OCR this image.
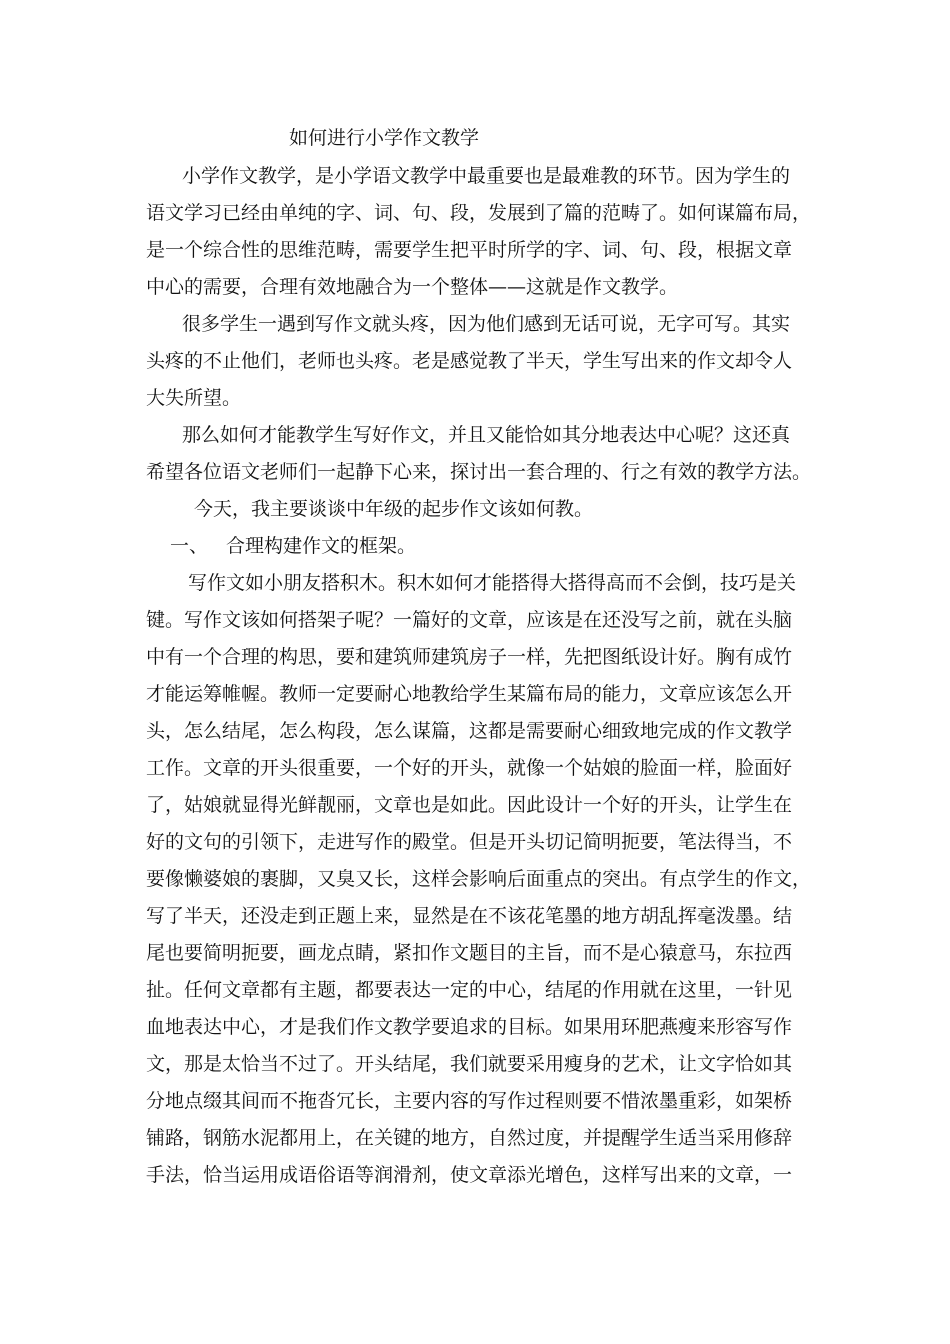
如何进行小学作文教学
小学作文教学，是小学语文教学中最重要也是最难教的环节。因为学生的
语文学习已经由单纯的字、词、句、段，发展到了篇的范畴了。如何谋篇布局，
是一个综合性的思维范畴，需要学生把平时所学的字、词、句、段，根据文章
中心的需要，合理有效地融合为一个整体——这就是作文教学。
很多学生一遇到写作文就头疼，因为他们感到无话可说，无字可写。其实
头疼的不止他们，老师也头疼。老是感觉教了半天，学生写出来的作文却令人
大失所望。
那么如何才能教学生写好作文，并且又能恰如其分地表达中心呢？这还真
希望各位语文老师们一起静下心来，探讨出一套合理的、行之有效的教学方法。
今天，我主要谈谈中年级的起步作文该如何教。
一、 合理构建作文的框架。
写作文如小朋友搭积木。积木如何才能搭得大搭得高而不会倒，技巧是关
键。写作文该如何搭架子呢？一篇好的文章，应该是在还没写之前，就在头脑
中有一个合理的构思，要和建筑师建筑房子一样，先把图纸设计好。胸有成竹
才能运筹帷幄。教师一定要耐心地教给学生某篇布局的能力，文章应该怎么开
头，怎么结尾，怎么构段，怎么谋篇，这都是需要耐心细致地完成的作文教学
工作。文章的开头很重要，一个好的开头，就像一个姑娘的脸面一样，脸面好
了，姑娘就显得光鲜靓丽，文章也是如此。因此设计一个好的开头，让学生在
好的文句的引领下，走进写作的殿堂。但是开头切记简明扼要，笔法得当，不
要像懒婆娘的裹脚，又臭又长，这样会影响后面重点的突出。有点学生的作文，
写了半天，还没走到正题上来，显然是在不该花笔墨的地方胡乱挥毫泼墨。结
尾也要简明扼要，画龙点睛，紧扣作文题目的主旨，而不是心猿意马，东拉西
扯。任何文章都有主题，都要表达一定的中心，结尾的作用就在这里，一针见
血地表达中心，才是我们作文教学要追求的目标。如果用环肥燕瘦来形容写作
文，那是太恰当不过了。开头结尾，我们就要采用瘦身的艺术，让文字恰如其
分地点缀其间而不拖沓冗长，主要内容的写作过程则要不惜浓墨重彩，如架桥
铺路，钢筋水泥都用上，在关键的地方，自然过度，并提醒学生适当采用修辞
手法，恰当运用成语俗语等润滑剂，使文章添光增色，这样写出来的文章，一
